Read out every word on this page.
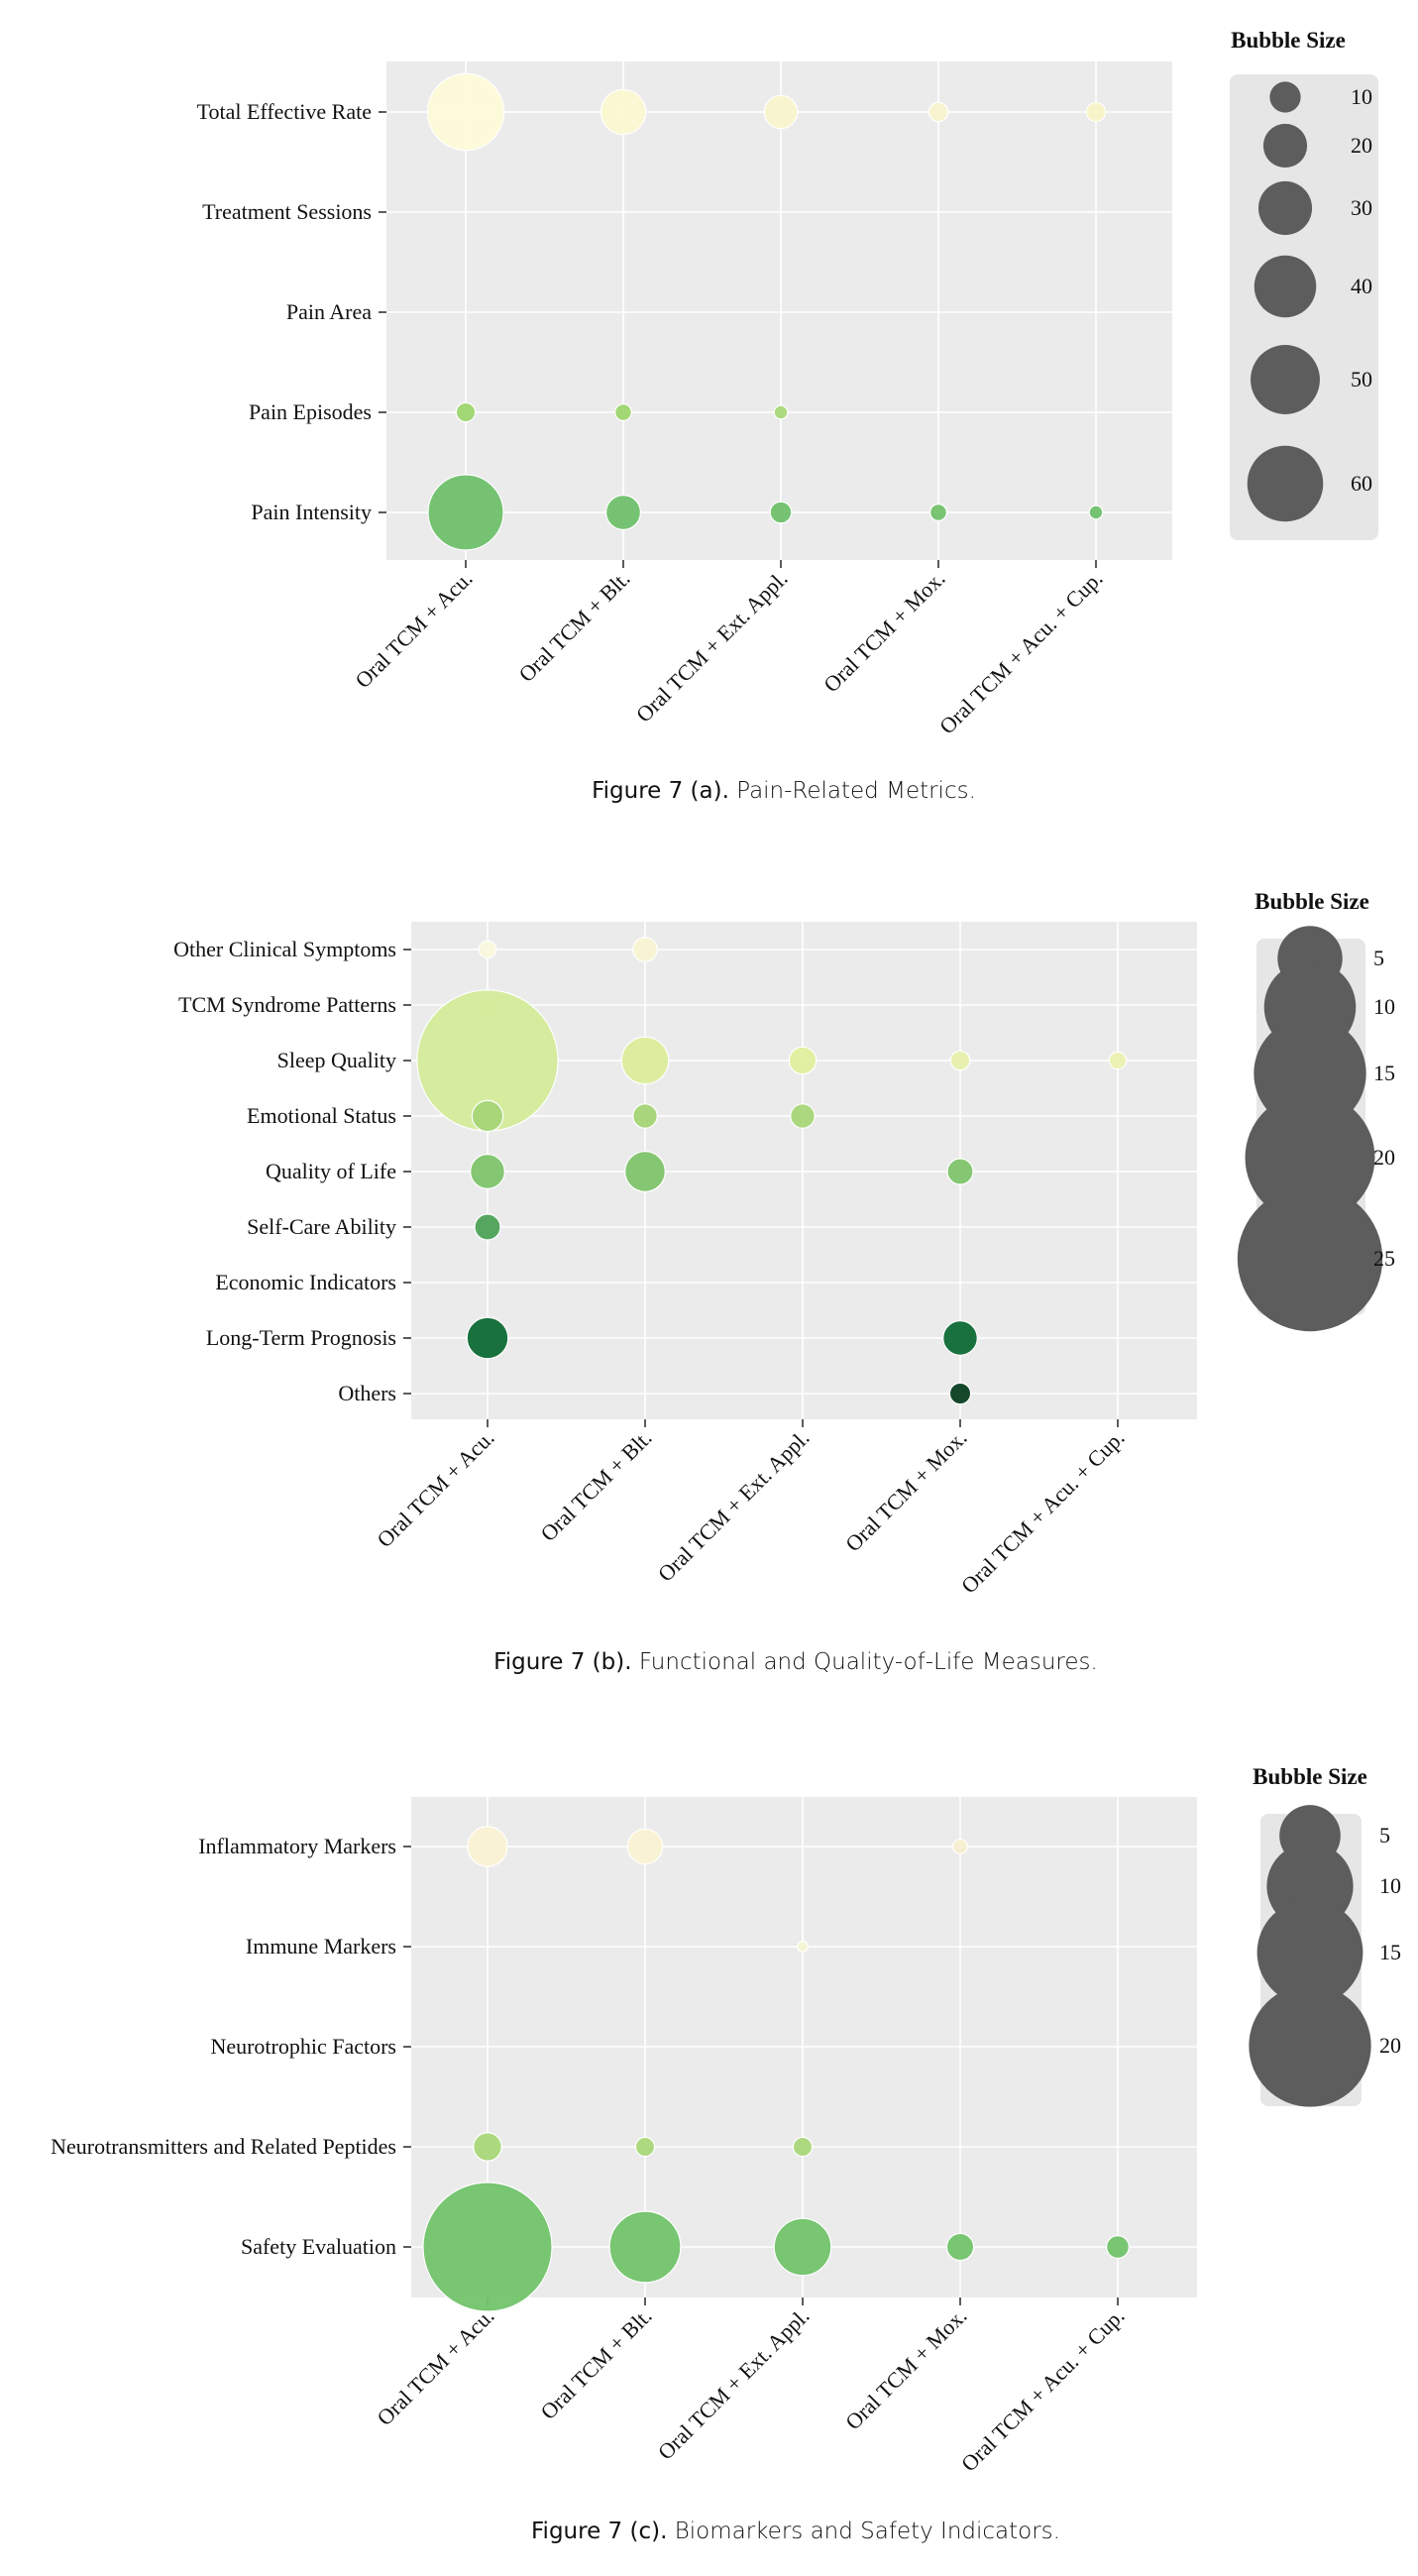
Total Effective Rate
Treatment Sessions
Pain Area
Pain Episodes
Pain Intensity
Oral TCM + Acu. Oral TCM + Blt.
Oral TCM + Ext. Appl. Oral TCM + Mox.
Oral TCM + Acu. + Cup.
Bubble Size
10
20
30
40
50
60
Figure 7 (a). Pain-Related Metrics.
Other Clinical Symptoms
TCM Syndrome Patterns
Sleep Quality
Emotional Status
Quality of Life
Self-Care Ability
Economic Indicators
Long-Term Prognosis
Others
Oral TCM + Acu. Oral TCM + Blt.
Oral TCM + Ext. Appl. Oral TCM + Mox.
Oral TCM + Acu. + Cup.
Bubble Size
5
10
15
20
25
Figure 7 (b). Functional and Quality-of-Life Measures.
Inflammatory Markers
Immune Markers
Neurotrophic Factors
Neurotransmitters and Related Peptides
Safety Evaluation
Oral TCM + Acu. Oral TCM + Blt.
Oral TCM + Ext. Appl. Oral TCM + Mox.
Oral TCM + Acu. + Cup.
Bubble Size
5
10
15
20
Figure 7 (c). Biomarkers and Safety Indicators.
